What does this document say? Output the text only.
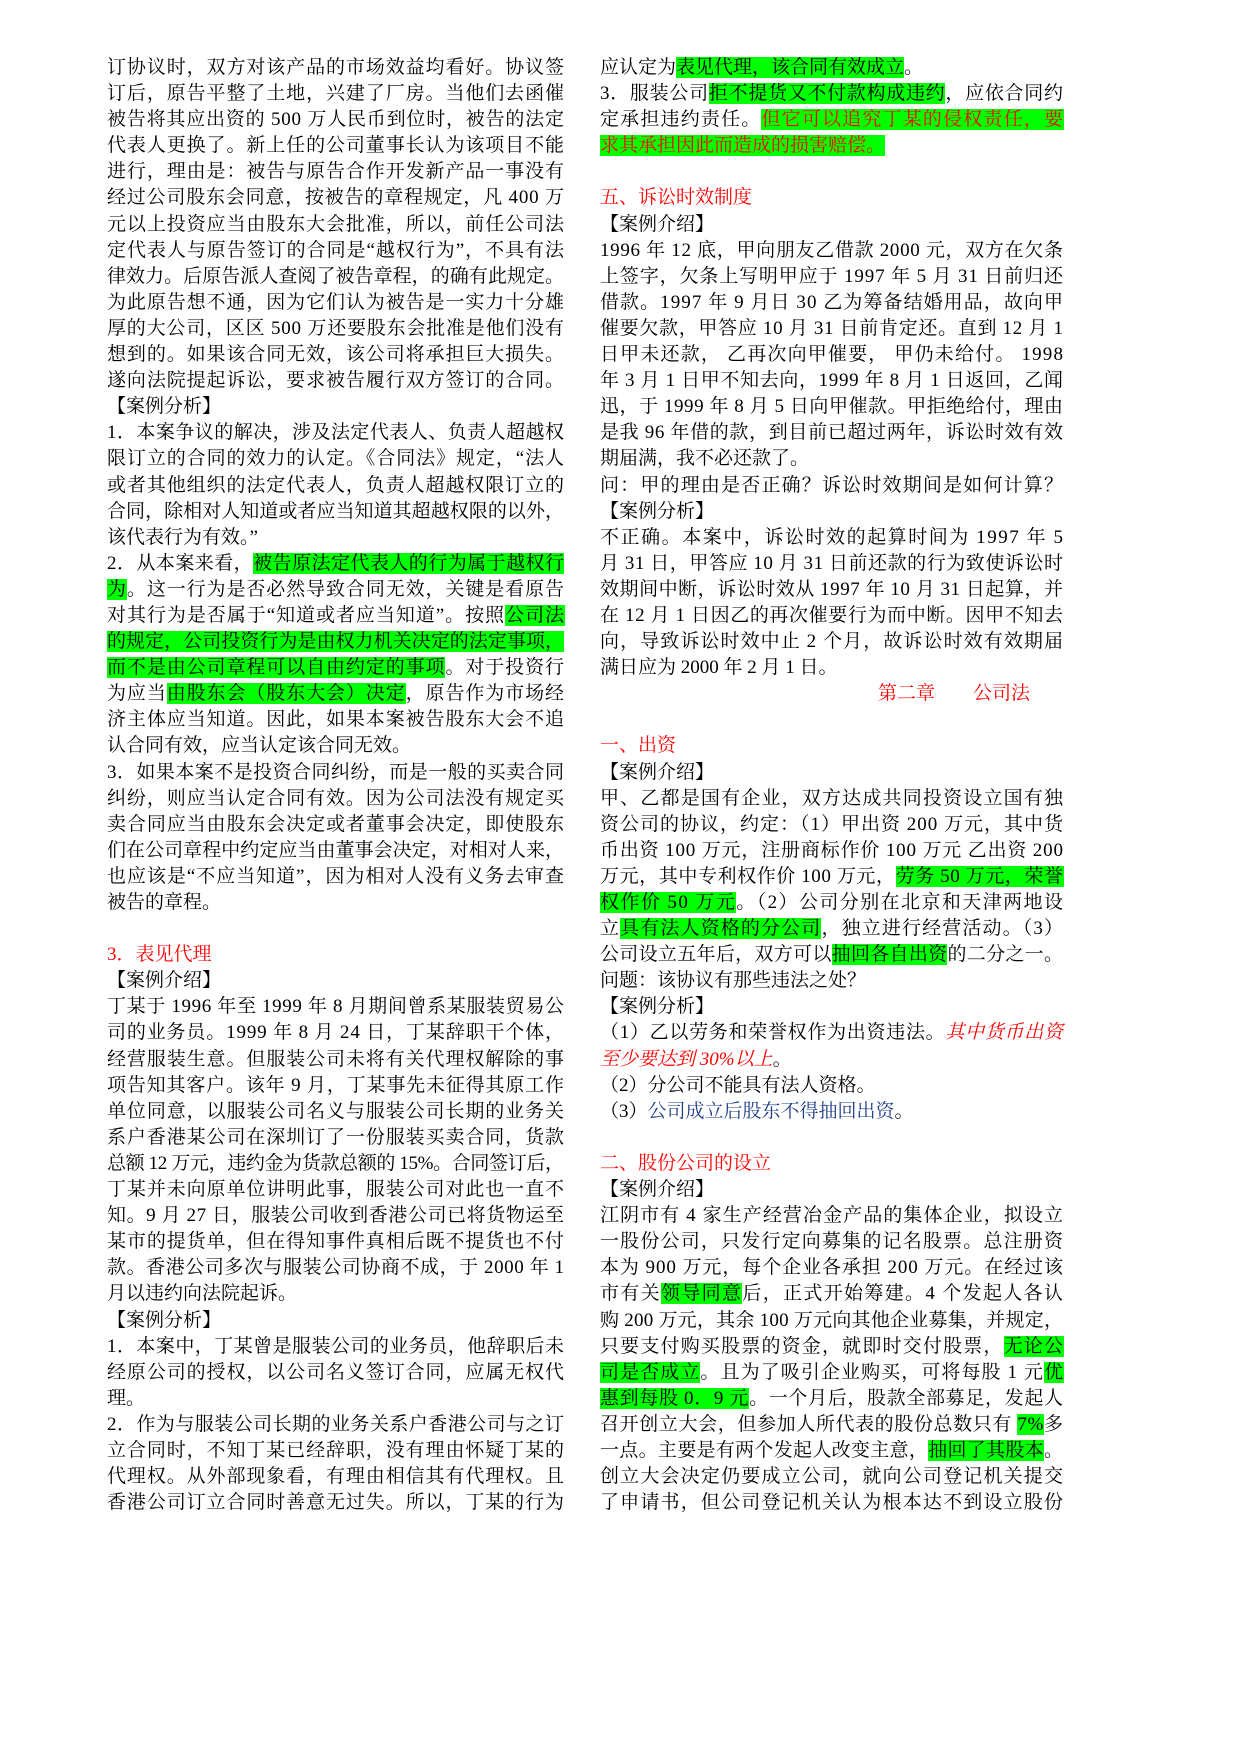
订协议时，双方对该产品的市场效益均看好。协议签
订后，原告平整了土地，兴建了厂房。当他们去函催
被告将其应出资的 500 万人民币到位时，被告的法定
代表人更换了。新上任的公司董事长认为该项目不能
进行，理由是：被告与原告合作开发新产品一事没有
经过公司股东会同意，按被告的章程规定，凡 400 万
元以上投资应当由股东大会批准，所以，前任公司法
定代表人与原告签订的合同是“越权行为”，不具有法
律效力。后原告派人查阅了被告章程，的确有此规定。
为此原告想不通，因为它们认为被告是一实力十分雄
厚的大公司，区区 500 万还要股东会批准是他们没有
想到的。如果该合同无效，该公司将承担巨大损失。
遂向法院提起诉讼，要求被告履行双方签订的合同。
【案例分析】
1．本案争议的解决，涉及法定代表人、负责人超越权
限订立的合同的效力的认定。《合同法》规定，“法人
或者其他组织的法定代表人，负责人超越权限订立的
合同，除相对人知道或者应当知道其超越权限的以外，
该代表行为有效。”
2．从本案来看，被告原法定代表人的行为属于越权行
为。这一行为是否必然导致合同无效，关键是看原告
对其行为是否属于“知道或者应当知道”。按照公司法
的规定，公司投资行为是由权力机关决定的法定事项，
而不是由公司章程可以自由约定的事项。对于投资行
为应当由股东会（股东大会）决定，原告作为市场经
济主体应当知道。因此，如果本案被告股东大会不追
认合同有效，应当认定该合同无效。
3．如果本案不是投资合同纠纷，而是一般的买卖合同
纠纷，则应当认定合同有效。因为公司法没有规定买
卖合同应当由股东会决定或者董事会决定，即使股东
们在公司章程中约定应当由董事会决定，对相对人来，
也应该是“不应当知道”，因为相对人没有义务去审查
被告的章程。
3．表见代理
【案例介绍】
丁某于 1996 年至 1999 年 8 月期间曾系某服装贸易公
司的业务员。1999 年 8 月 24 日，丁某辞职干个体，
经营服装生意。但服装公司未将有关代理权解除的事
项告知其客户。该年 9 月，丁某事先未征得其原工作
单位同意，以服装公司名义与服装公司长期的业务关
系户香港某公司在深圳订了一份服装买卖合同，货款
总额 12 万元，违约金为货款总额的 15%。合同签订后，
丁某并未向原单位讲明此事，服装公司对此也一直不
知。9 月 27 日，服装公司收到香港公司已将货物运至
某市的提货单，但在得知事件真相后既不提货也不付
款。香港公司多次与服装公司协商不成，于 2000 年 1
月以违约向法院起诉。
【案例分析】
1．本案中，丁某曾是服装公司的业务员，他辞职后未
经原公司的授权，以公司名义签订合同，应属无权代
理。
2．作为与服装公司长期的业务关系户香港公司与之订
立合同时，不知丁某已经辞职，没有理由怀疑丁某的
代理权。从外部现象看，有理由相信其有代理权。且
香港公司订立合同时善意无过失。所以，丁某的行为
应认定为表见代理，该合同有效成立。
3．服装公司拒不提货又不付款构成违约，应依合同约
定承担违约责任。但它可以追究丁某的侵权责任，要
求其承担因此而造成的损害赔偿。
五、诉讼时效制度
【案例介绍】
1996 年 12 底，甲向朋友乙借款 2000 元，双方在欠条
上签字，欠条上写明甲应于 1997 年 5 月 31 日前归还
借款。1997 年 9 月日 30 乙为筹备结婚用品，故向甲
催要欠款，甲答应 10 月 31 日前肯定还。直到 12 月 1
日甲未还款， 乙再次向甲催要， 甲仍未给付。 1998
年 3 月 1 日甲不知去向，1999 年 8 月 1 日返回，乙闻
迅，于 1999 年 8 月 5 日向甲催款。甲拒绝给付，理由
是我 96 年借的款，到目前已超过两年，诉讼时效有效
期届满，我不必还款了。
问：甲的理由是否正确？诉讼时效期间是如何计算？
【案例分析】
不正确。本案中，诉讼时效的起算时间为 1997 年 5
月 31 日，甲答应 10 月 31 日前还款的行为致使诉讼时
效期间中断，诉讼时效从 1997 年 10 月 31 日起算，并
在 12 月 1 日因乙的再次催要行为而中断。因甲不知去
向，导致诉讼时效中止 2 个月，故诉讼时效有效期届
满日应为 2000 年 2 月 1 日。
第二章　　公司法
一、出资
【案例介绍】
甲、乙都是国有企业，双方达成共同投资设立国有独
资公司的协议，约定：（1）甲出资 200 万元，其中货
币出资 100 万元，注册商标作价 100 万元 乙出资 200
万元，其中专利权作价 100 万元，劳务 50 万元，荣誉
权作价 50 万元。（2）公司分别在北京和天津两地设
立具有法人资格的分公司，独立进行经营活动。（3）
公司设立五年后，双方可以抽回各自出资的二分之一。
问题：该协议有那些违法之处？
【案例分析】
（1）乙以劳务和荣誉权作为出资违法。其中货币出资
至少要达到 30%以上。
（2）分公司不能具有法人资格。
（3）公司成立后股东不得抽回出资。
二、股份公司的设立
【案例介绍】
江阴市有 4 家生产经营冶金产品的集体企业，拟设立
一股份公司，只发行定向募集的记名股票。总注册资
本为 900 万元，每个企业各承担 200 万元。在经过该
市有关领导同意后，正式开始筹建。4 个发起人各认
购 200 万元，其余 100 万元向其他企业募集，并规定，
只要支付购买股票的资金，就即时交付股票，无论公
司是否成立。且为了吸引企业购买，可将每股 1 元优
惠到每股 0．9 元。一个月后，股款全部募足，发起人
召开创立大会，但参加人所代表的股份总数只有 7%多
一点。主要是有两个发起人改变主意，抽回了其股本。
创立大会决定仍要成立公司，就向公司登记机关提交
了申请书，但公司登记机关认为根本达不到设立股份
